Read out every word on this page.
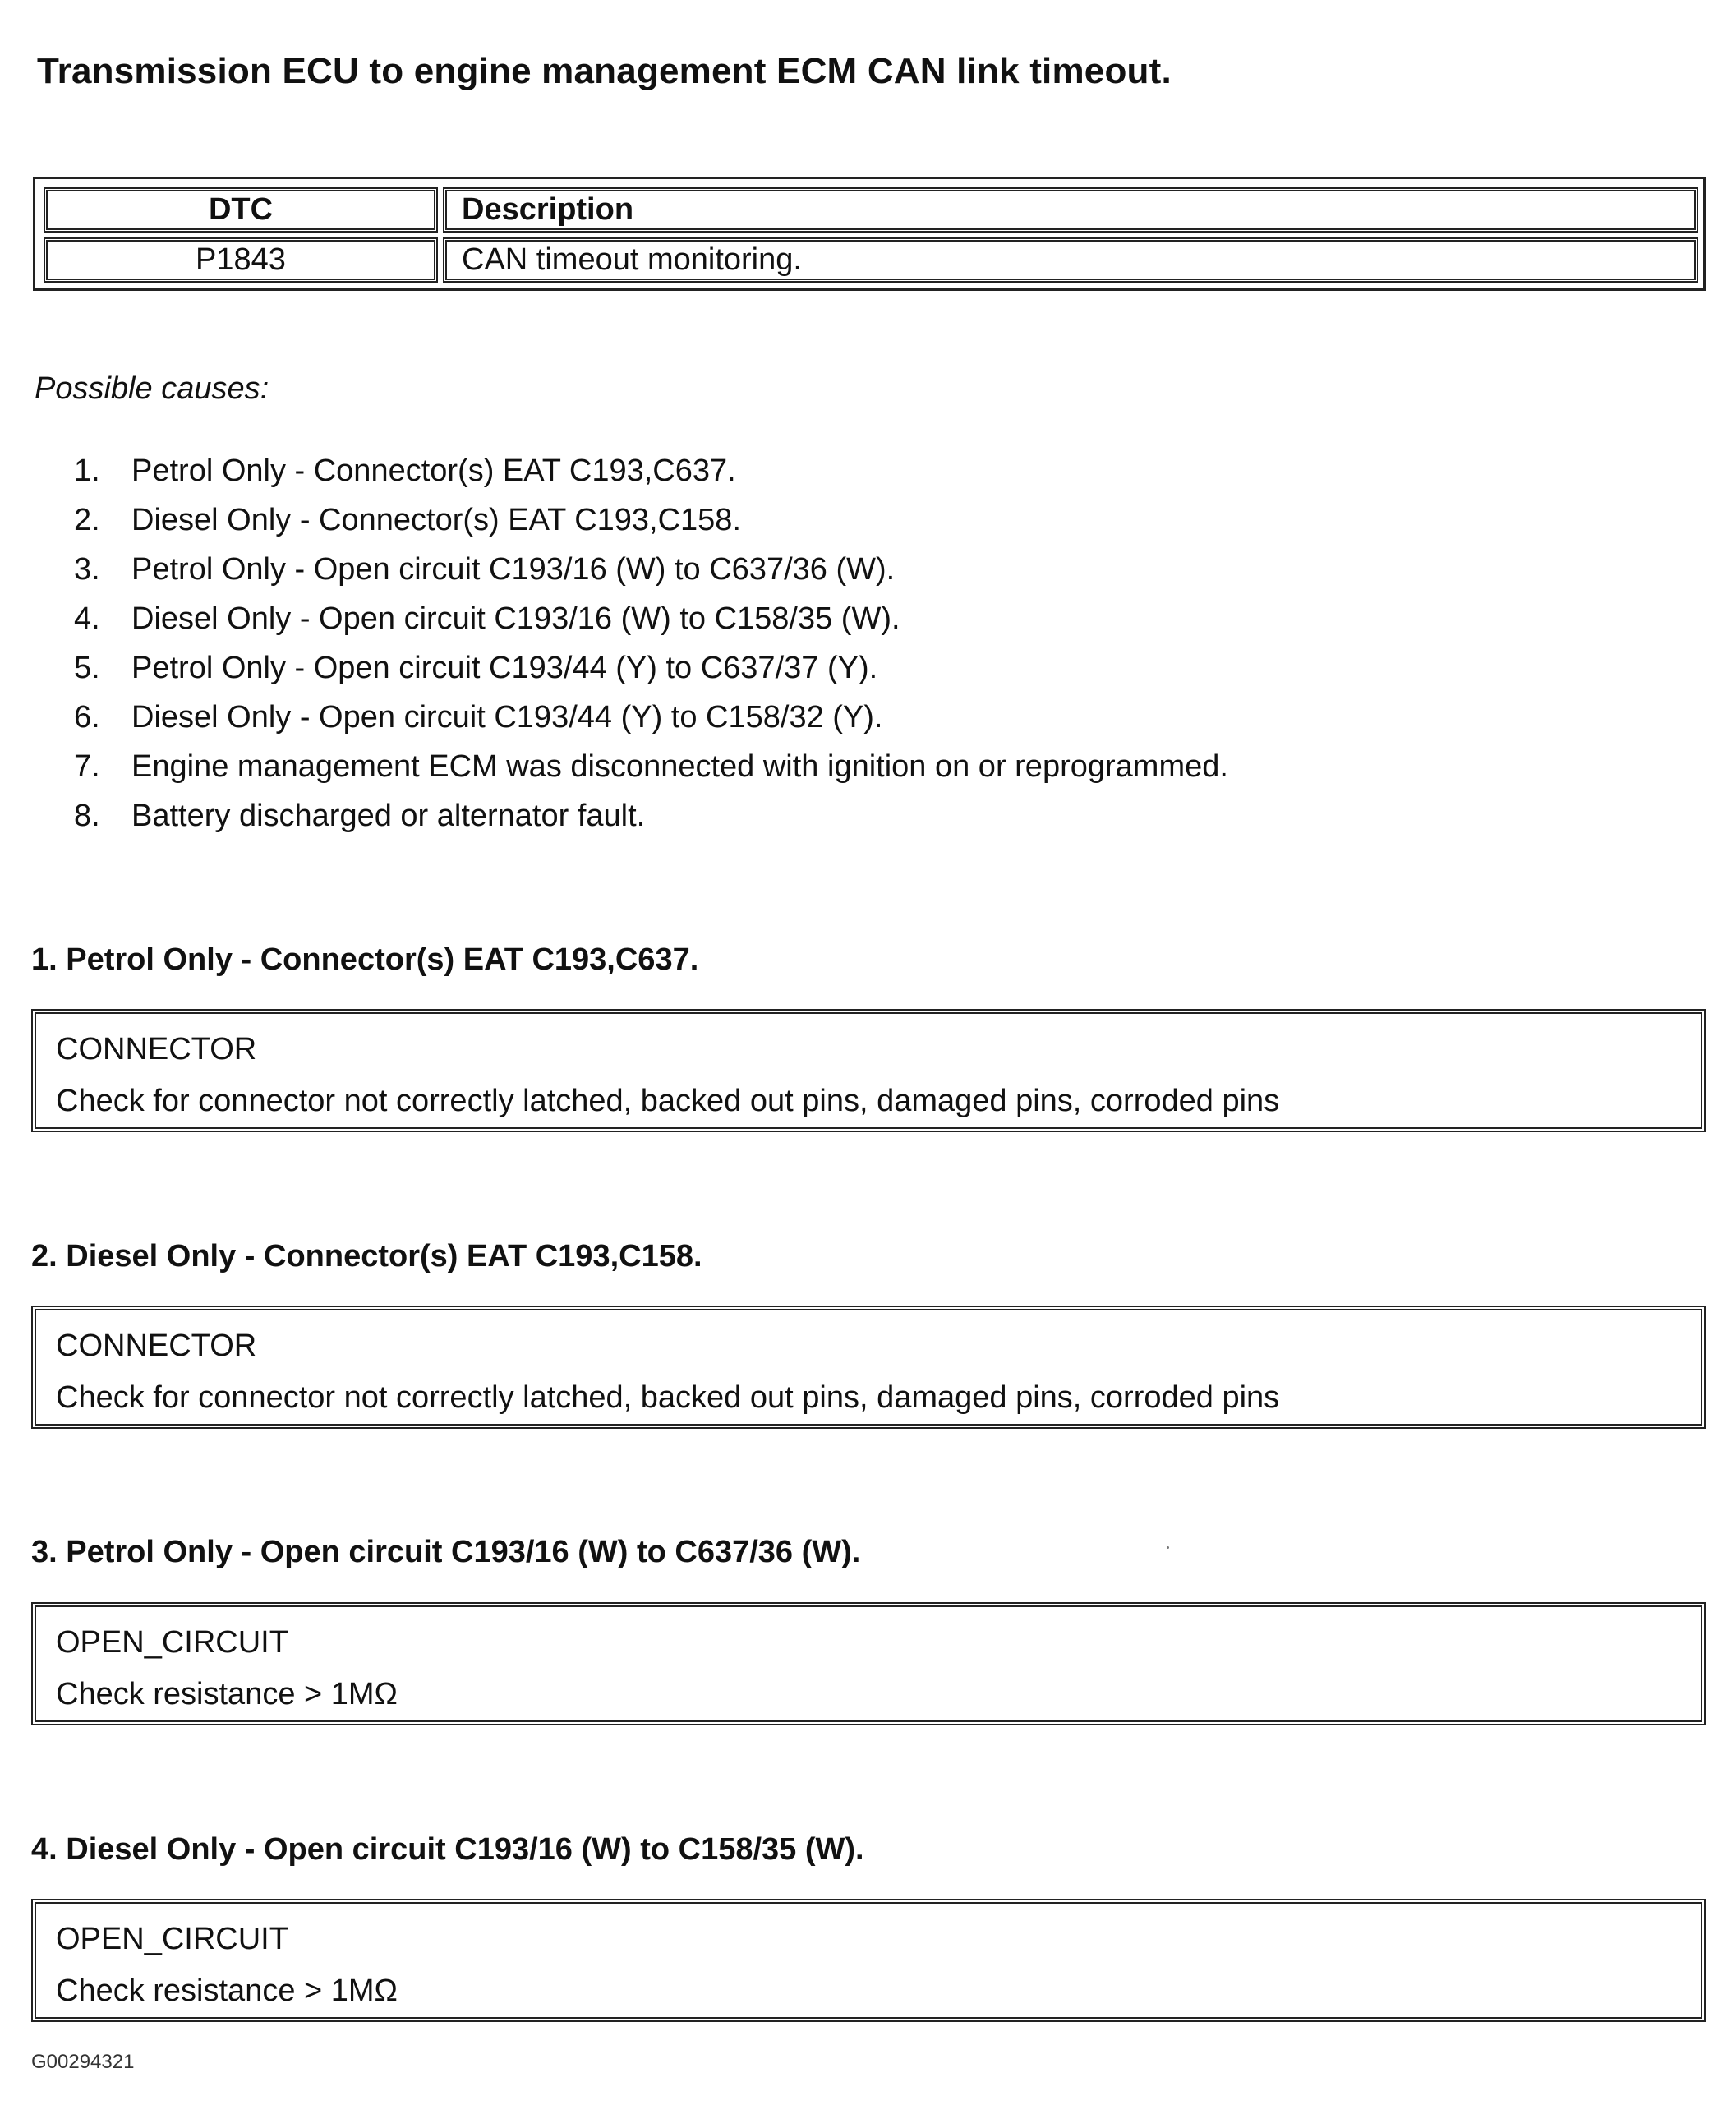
Transmission ECU to engine management ECM CAN link timeout.
DTC	Description
P1843	CAN timeout monitoring.
Possible causes:
1. Petrol Only - Connector(s) EAT C193,C637.
2. Diesel Only - Connector(s) EAT C193,C158.
3. Petrol Only - Open circuit C193/16 (W) to C637/36 (W).
4. Diesel Only - Open circuit C193/16 (W) to C158/35 (W).
5. Petrol Only - Open circuit C193/44 (Y) to C637/37 (Y).
6. Diesel Only - Open circuit C193/44 (Y) to C158/32 (Y).
7. Engine management ECM was disconnected with ignition on or reprogrammed.
8. Battery discharged or alternator fault.
1. Petrol Only - Connector(s) EAT C193,C637.
CONNECTOR
Check for connector not correctly latched, backed out pins, damaged pins, corroded pins
2. Diesel Only - Connector(s) EAT C193,C158.
CONNECTOR
Check for connector not correctly latched, backed out pins, damaged pins, corroded pins
3. Petrol Only - Open circuit C193/16 (W) to C637/36 (W).
OPEN_CIRCUIT
Check resistance > 1MΩ
4. Diesel Only - Open circuit C193/16 (W) to C158/35 (W).
OPEN_CIRCUIT
Check resistance > 1MΩ
G00294321
